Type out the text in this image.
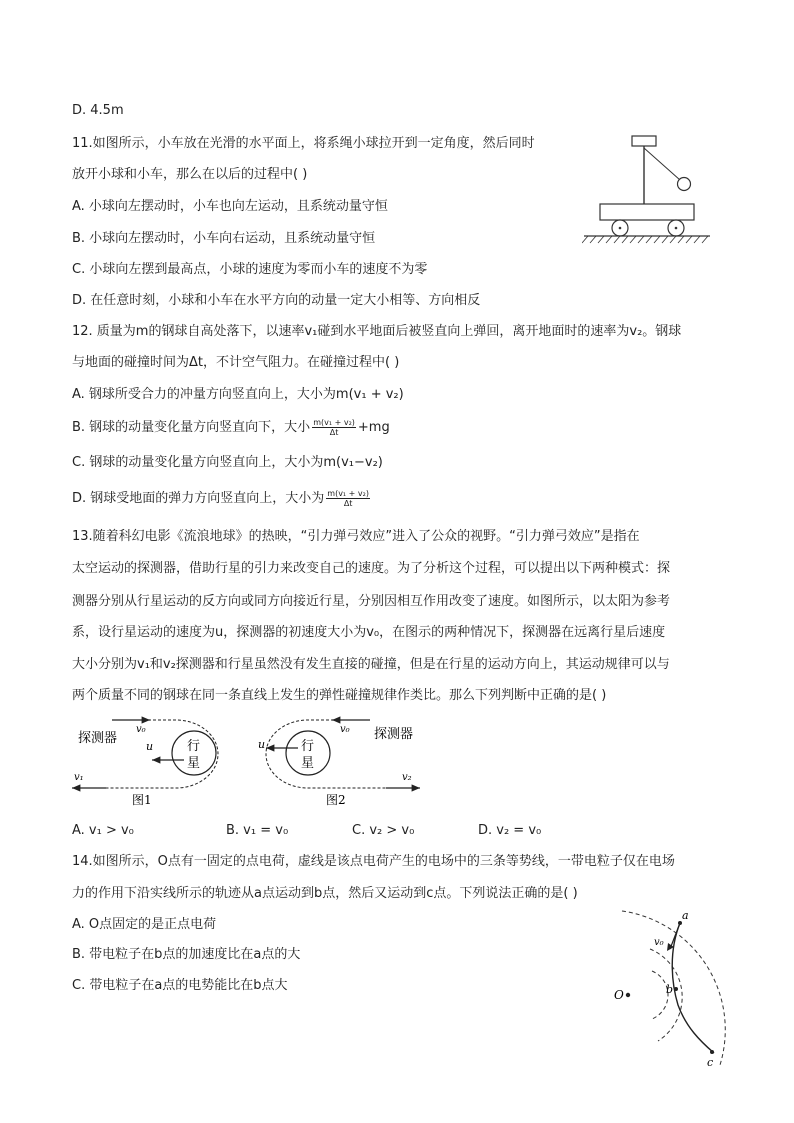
D. 4.5m
11.如图所示，小车放在光滑的水平面上，将系绳小球拉开到一定角度，然后同时
放开小球和小车，那么在以后的过程中( )
A. 小球向左摆动时，小车也向左运动，且系统动量守恒
B. 小球向左摆动时，小车向右运动，且系统动量守恒
C. 小球向左摆到最高点，小球的速度为零而小车的速度不为零
D. 在任意时刻，小球和小车在水平方向的动量一定大小相等、方向相反
12. 质量为m的钢球自高处落下，以速率v₁碰到水平地面后被竖直向上弹回，离开地面时的速率为v₂。钢球
与地面的碰撞时间为Δt，不计空气阻力。在碰撞过程中( )
A. 钢球所受合力的冲量方向竖直向上，大小为m(v₁ + v₂)
B. 钢球的动量变化量方向竖直向下，大小 $\frac{\text{m(v₁ + v₂)}}{\Delta t} +mg$
C. 钢球的动量变化量方向竖直向上，大小为m(v₁−v₂)
D. 钢球受地面的弹力方向竖直向上，大小为 $\frac{\text{m(v₁ + v₂)}}{\Delta t}$
13.随着科幻电影《流浪地球》的热映，“引力弹弓效应”进入了公众的视野。“引力弹弓效应”是指在
太空运动的探测器，借助行星的引力来改变自己的速度。为了分析这个过程，可以提出以下两种模式：探
测器分别从行星运动的反方向或同方向接近行星，分别因相互作用改变了速度。如图所示，以太阳为参考
系，设行星运动的速度为u，探测器的初速度大小为v₀，在图示的两种情况下，探测器在远离行星后速度
大小分别为v₁和v₂探测器和行星虽然没有发生直接的碰撞，但是在行星的运动方向上，其运动规律可以与
两个质量不同的钢球在同一条直线上发生的弹性碰撞规律作类比。那么下列判断中正确的是( )
探测器
v₀
v₁
行
星
u
图1
v₀ 探测器
v₂
行
星
u
图2
A. v₁ > v₀	B. v₁ = v₀	C. v₂ > v₀	D. v₂ = v₀
14.如图所示，O点有一固定的点电荷，虚线是该点电荷产生的电场中的三条等势线，一带电粒子仅在电场
力的作用下沿实线所示的轨迹从a点运动到b点，然后又运动到c点。下列说法正确的是( )
A. O点固定的是正点电荷
B. 带电粒子在b点的加速度比在a点的大
C. 带电粒子在a点的电势能比在b点大
O
a
v₀
b
c
